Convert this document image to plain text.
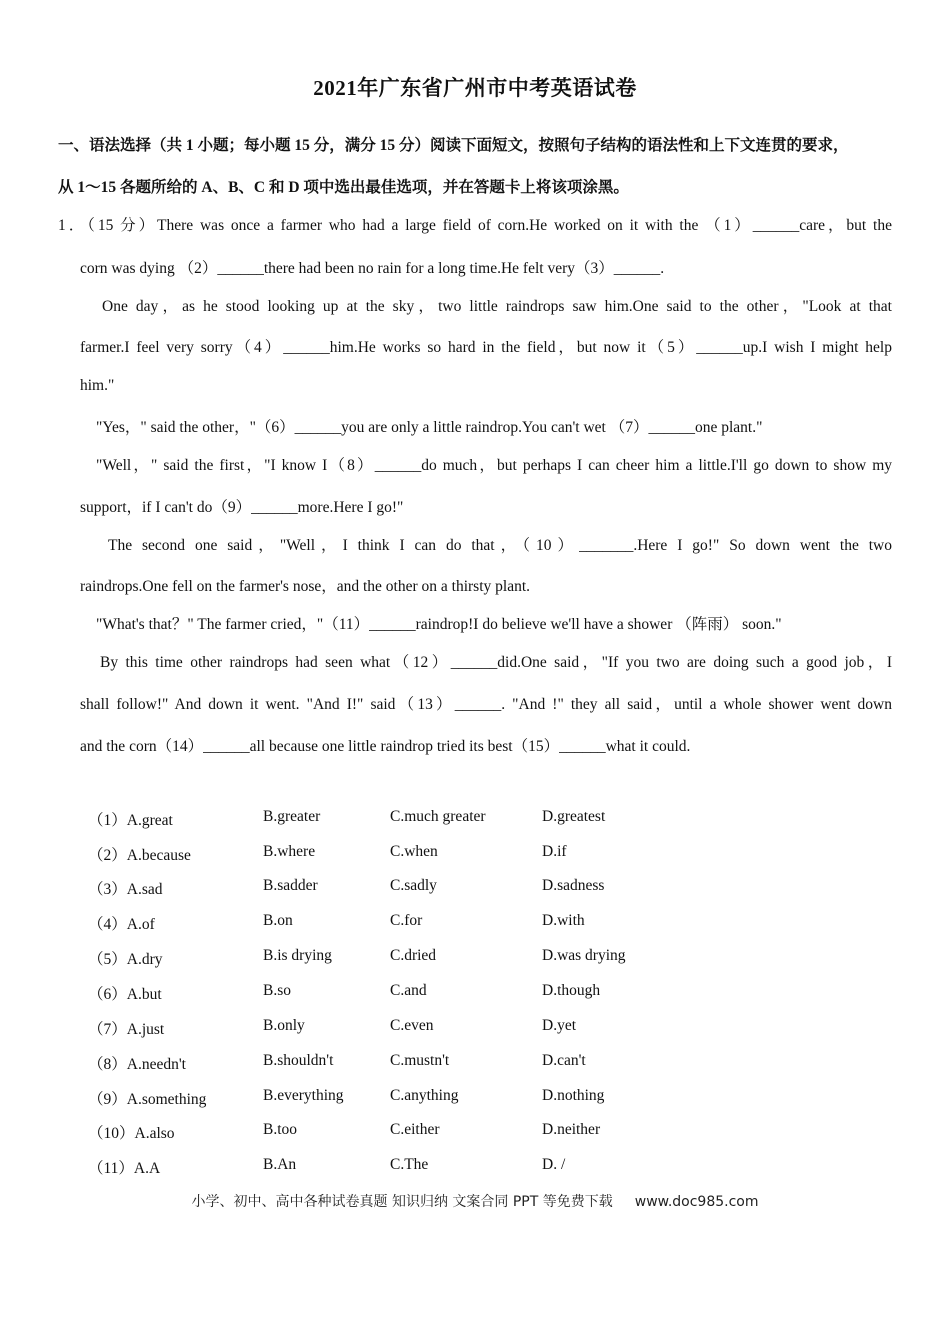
2021年广东省广州市中考英语试卷
一、语法选择（共 1 小题；每小题 15 分，满分 15 分）阅读下面短文，按照句子结构的语法性和上下文连贯的要求，
从 1～15 各题所给的 A、B、C 和 D 项中选出最佳选项，并在答题卡上将该项涂黑。
1．（15 分）There was once a farmer who had a large field of corn.He worked on it with the （1）______care，but the
corn was dying （2）______there had been no rain for a long time.He felt very（3）______.
One day，as he stood looking up at the sky，two little raindrops saw him.One said to the other，"Look at that
farmer.I feel very sorry（4）______him.He works so hard in the field，but now it（5）______up.I wish I might help
him."
"Yes，" said the other，"（6）______you are only a little raindrop.You can't wet （7）______one plant."
"Well，" said the first，"I know I（8）______do much，but perhaps I can cheer him a little.I'll go down to show my
support，if I can't do（9）______more.Here I go!"
The second one said，"Well，I think I can do that，（10）_______.Here I go!" So down went the two
raindrops.One fell on the farmer's nose，and the other on a thirsty plant.
"What's that？" The farmer cried，"（11）______raindrop!I do believe we'll have a shower （阵雨） soon."
By this time other raindrops had seen what（12）______did.One said，"If you two are doing such a good job，I
shall follow!" And down it went. "And I!" said（13）______. "And !" they all said，until a whole shower went down
and the corn（14）______all because one little raindrop tried its best（15）______what it could.
（1）A.great	B.greater	C.much greater	D.greatest
（2）A.because	B.where	C.when	D.if
（3）A.sad	B.sadder	C.sadly	D.sadness
（4）A.of	B.on	C.for	D.with
（5）A.dry	B.is drying	C.dried	D.was drying
（6）A.but	B.so	C.and	D.though
（7）A.just	B.only	C.even	D.yet
（8）A.needn't	B.shouldn't	C.mustn't	D.can't
（9）A.something	B.everything	C.anything	D.nothing
（10）A.also	B.too	C.either	D.neither
（11）A.A	B.An	C.The	D. /
小学、初中、高中各种试卷真题 知识归纳 文案合同 PPT 等免费下载 www.doc985.com
